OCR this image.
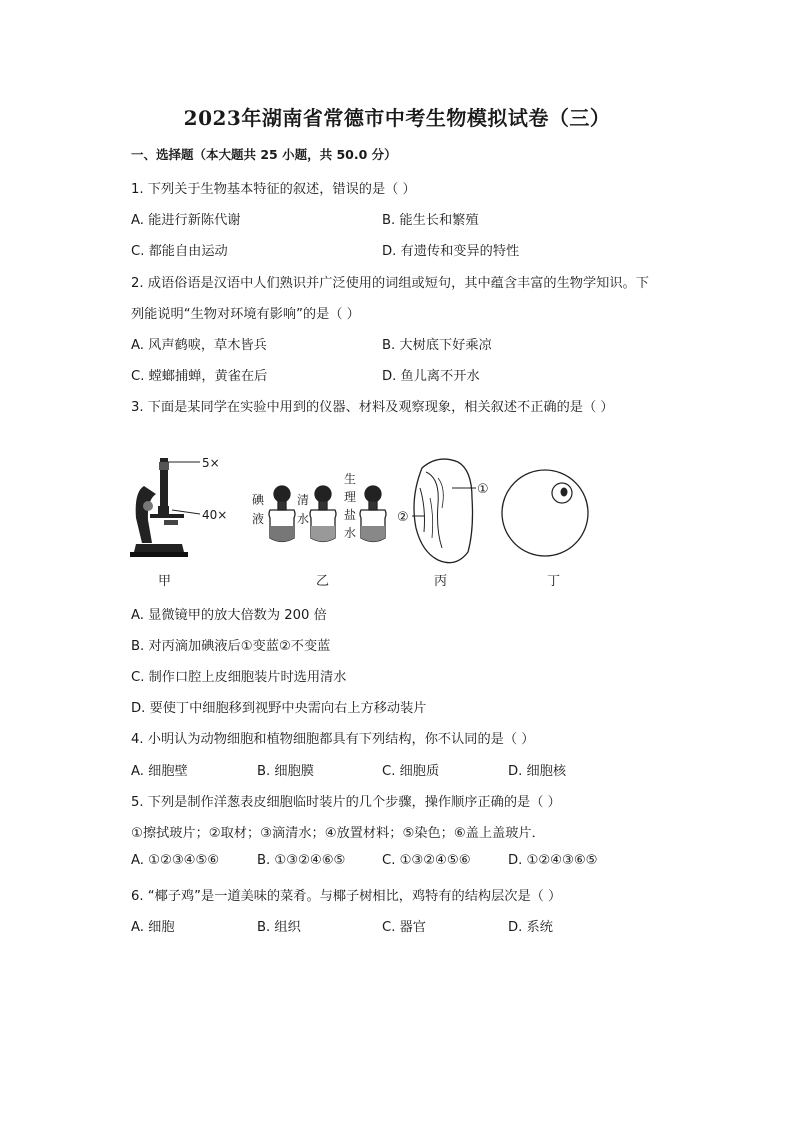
2023年湖南省常德市中考生物模拟试卷（三）
一、选择题（本大题共 25 小题，共 50.0 分）
1. 下列关于生物基本特征的叙述，错误的是（ ）
A. 能进行新陈代谢	B. 能生长和繁殖
C. 都能自由运动	D. 有遗传和变异的特性
2. 成语俗语是汉语中人们熟识并广泛使用的词组或短句，其中蕴含丰富的生物学知识。下
列能说明“生物对环境有影响”的是（ ）
A. 风声鹤唳，草木皆兵	B. 大树底下好乘凉
C. 螳螂捕蝉，黄雀在后	D. 鱼儿离不开水
3. 下面是某同学在实验中用到的仪器、材料及观察现象，相关叙述不正确的是（ ）
5×
40×
碘
液
清
水
生
理
盐
水
①
②
甲	乙	丙	丁
A. 显微镜甲的放大倍数为 200 倍
B. 对丙滴加碘液后①变蓝②不变蓝
C. 制作口腔上皮细胞装片时选用清水
D. 要使丁中细胞移到视野中央需向右上方移动装片
4. 小明认为动物细胞和植物细胞都具有下列结构，你不认同的是（ ）
A. 细胞壁	B. 细胞膜	C. 细胞质	D. 细胞核
5. 下列是制作洋葱表皮细胞临时装片的几个步骤，操作顺序正确的是（ ）
①擦拭玻片；②取材；③滴清水；④放置材料；⑤染色；⑥盖上盖玻片．
A. ①②③④⑤⑥	B. ①③②④⑥⑤	C. ①③②④⑤⑥	D. ①②④③⑥⑤
6. “椰子鸡”是一道美味的菜肴。与椰子树相比，鸡特有的结构层次是（ ）
A. 细胞	B. 组织	C. 器官	D. 系统
